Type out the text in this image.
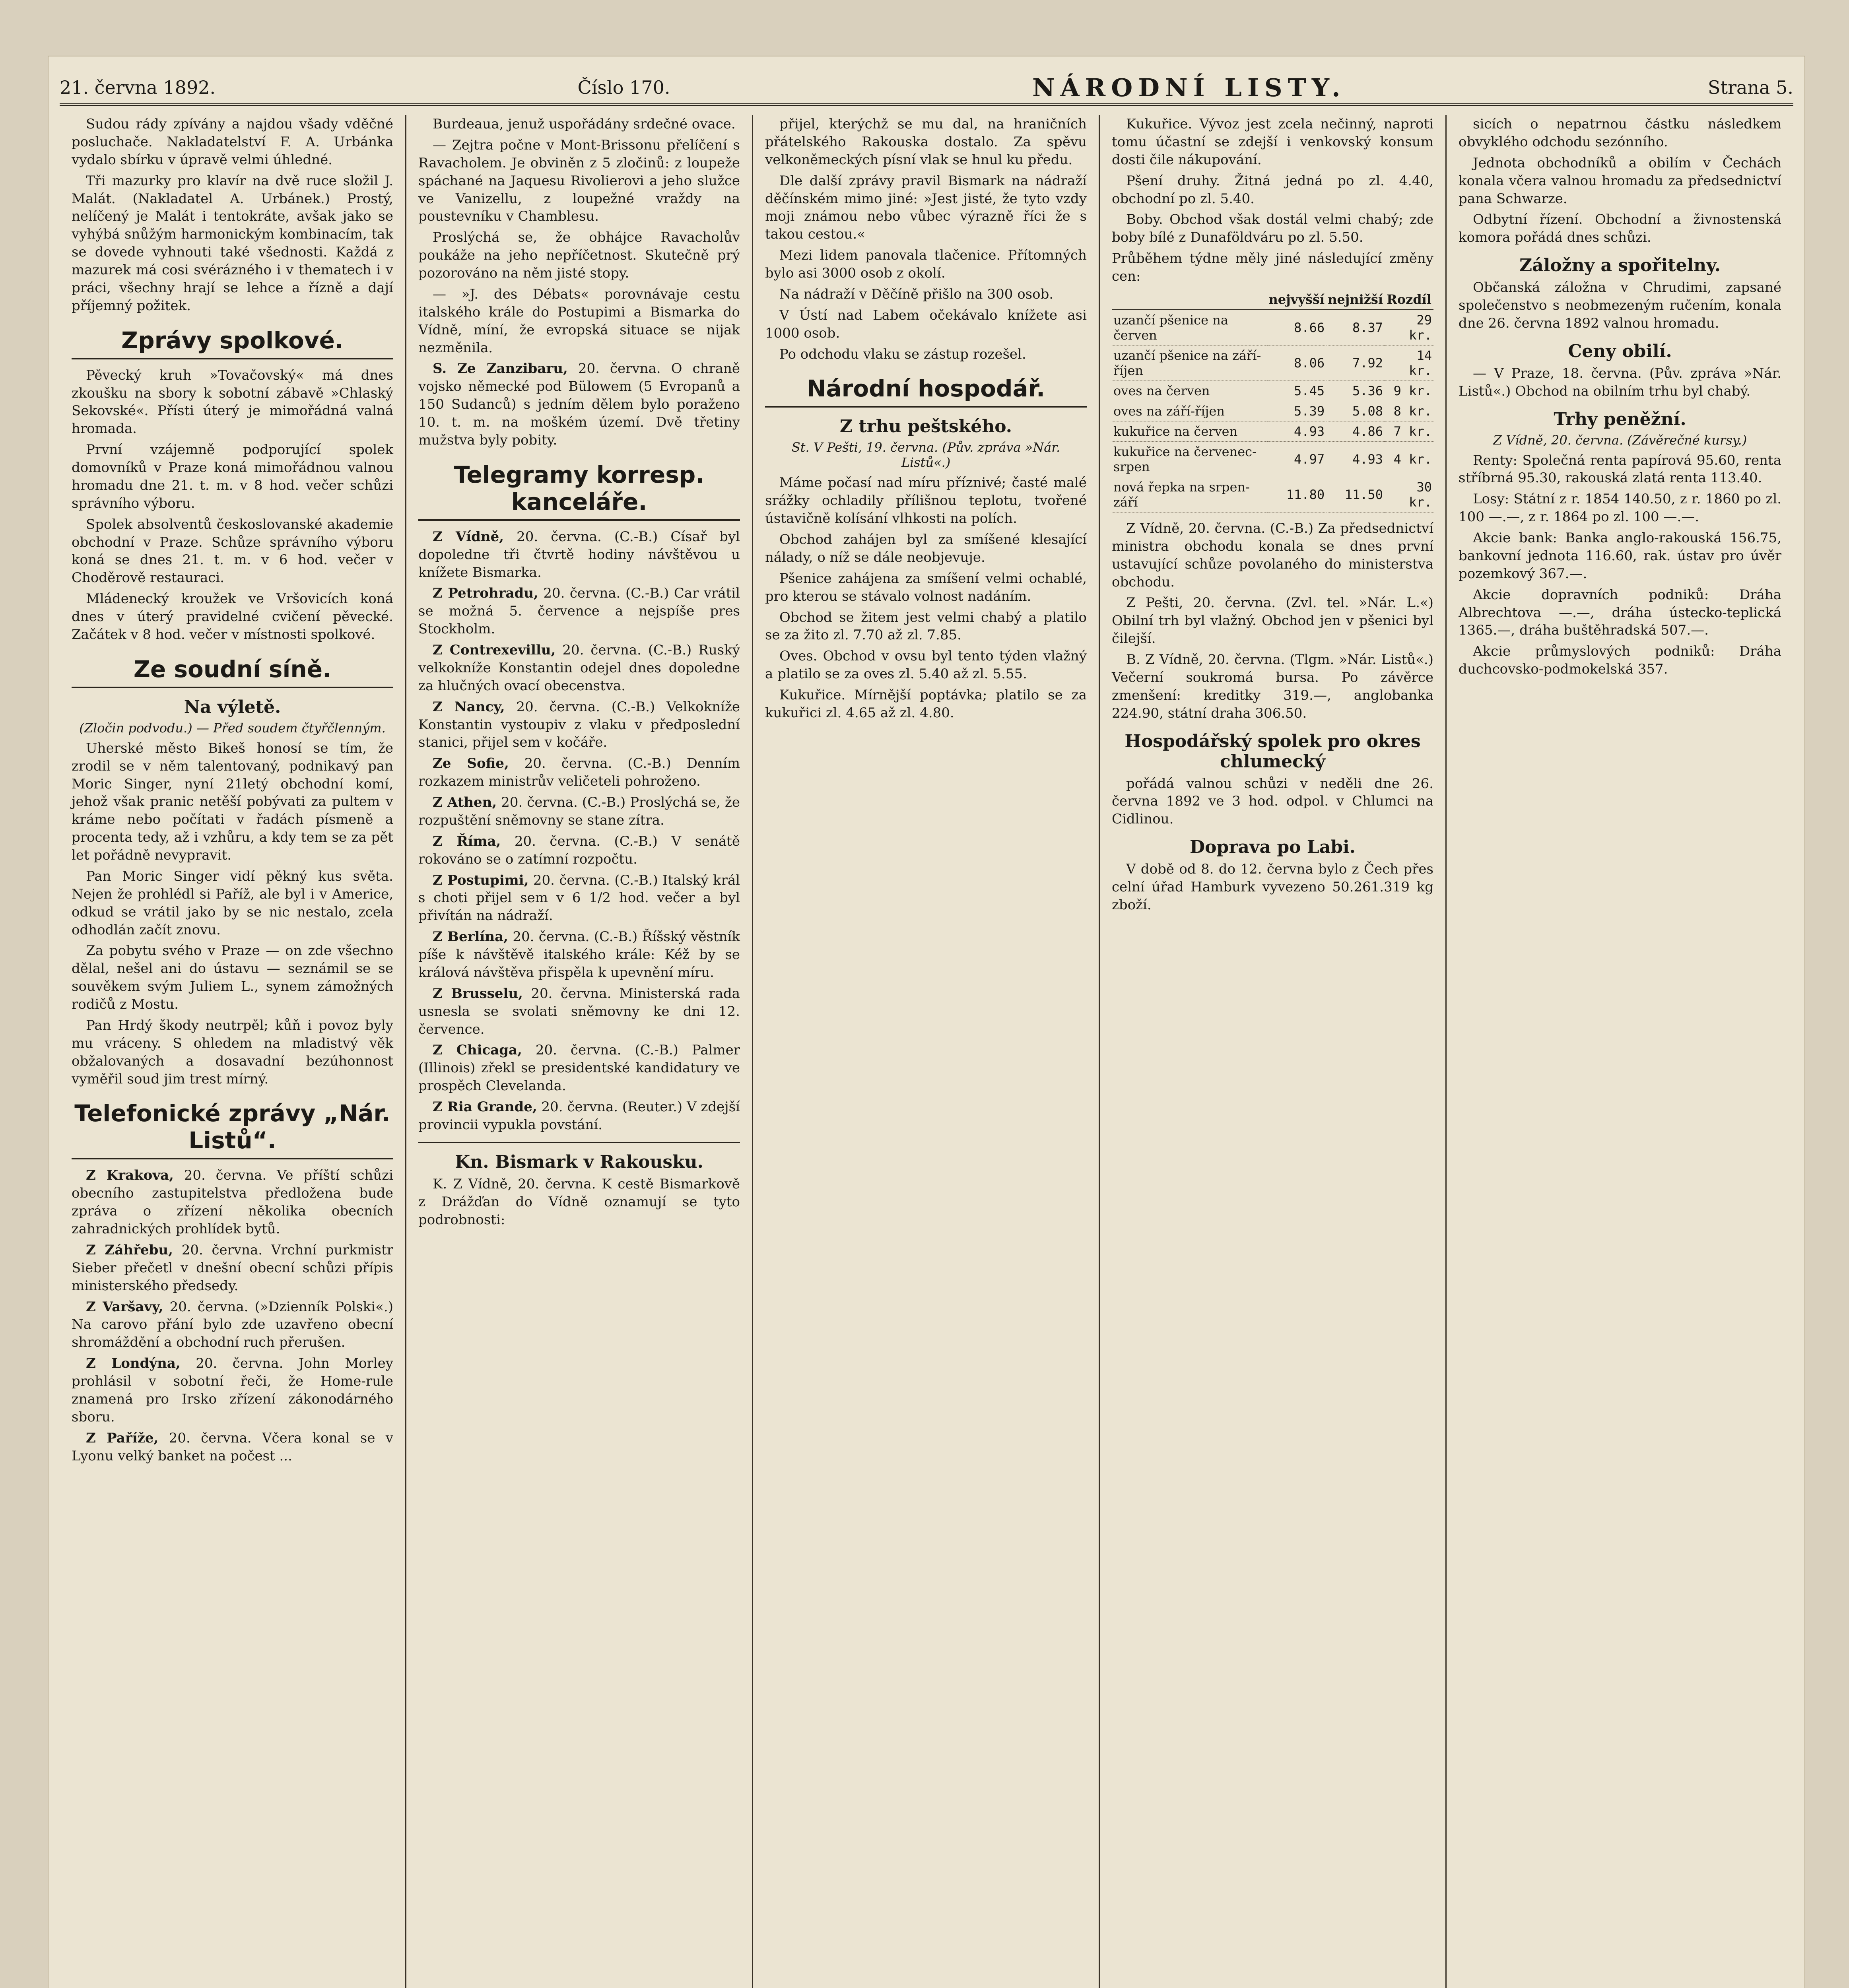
21. června 1892.	Číslo 170.	NÁRODNÍ LISTY.	Strana 5.

Sudou rády zpívány a najdou všady vděčné posluchače. Nakladatelství F. A. Urbánka vydalo sbírku v úpravě velmi úhledné.

Tři mazurky pro klavír na dvě ruce složil J. Malát. (Nakladatel A. Urbánek.) Prostý, nelíčený je Malát i tentokráte, avšak jako se vyhýbá snůžým harmonickým kombinacím, tak se dovede vyhnouti také všednosti. Každá z mazurek má cosi svérázného i v thematech i v práci, všechny hrají se lehce a řízně a dají příjemný požitek.

Zprávy spolkové.

Pěvecký kruh »Tovačovský« má dnes zkoušku na sbory k sobotní zábavě »Chlaský Sekovské«. Přísti úterý je mimořádná valná hromada.

První vzájemně podporující spolek domovníků v Praze koná mimořádnou valnou hromadu dne 21. t. m. v 8 hod. večer schůzi správního výboru.

Spolek absolventů českoslovanské akademie obchodní v Praze. Schůze správního výboru koná se dnes 21. t. m. v 6 hod. večer v Choděrově restauraci.

Mládenecký kroužek ve Vršovicích koná dnes v úterý pravidelné cvičení pěvecké. Začátek v 8 hod. večer v místnosti spolkové.

Ze soudní síně.
Na výletě.
(Zločin podvodu.) — Před soudem čtyřčlenným.

Uherské město Bikeš honosí se tím, že zrodil se v něm talentovaný, podnikavý pan Moric Singer, nyní 21letý obchodní komí, jehož však pranic netěší pobývati za pultem v kráme nebo počítati v řadách písmeně a procenta tedy, až i vzhůru, a kdy tem se za pět let pořádně nevypravit.

Pan Moric Singer vidí pěkný kus světa. Nejen že prohlédl si Paříž, ale byl i v Americe, odkud se vrátil jako by se nic nestalo, zcela odhodlán začít znovu.

Za pobytu svého v Praze — on zde všechno dělal, nešel ani do ústavu — seznámil se se souvěkem svým Juliem L., synem zámožných rodičů z Mostu.

Pan Hrdý škody neutrpěl; kůň i povoz byly mu vráceny. S ohledem na mladistvý věk obžalovaných a dosavadní bezúhonnost vyměřil soud jim trest mírný.

Telefonické zprávy „Nár. Listů“.

Z Krakova, 20. června. Ve příští schůzi obecního zastupitelstva předložena bude zpráva o zřízení několika obecních zahradnických prohlídek bytů.

Z Záhřebu, 20. června. Vrchní purkmistr Sieber přečetl v dnešní obecní schůzi přípis ministerského předsedy.

Z Varšavy, 20. června. (»Dzienník Polski«.) Na carovo přání bylo zde uzavřeno obecní shromáždění a obchodní ruch přerušen.

Z Londýna, 20. června. John Morley prohlásil v sobotní řeči, že Home-rule znamená pro Irsko zřízení zákonodárného sboru.

Z Paříže, 20. června. Včera konal se v Lyonu velký banket na počest ...

Burdeaua, jenuž uspořádány srdečné ovace.

— Zejtra počne v Mont-Brissonu přelíčení s Ravacholem. Je obviněn z 5 zločinů: z loupeže spáchané na Jaquesu Rivolierovi a jeho služce ve Vanizellu, z loupežné vraždy na poustevníku v Chamblesu.

Proslýchá se, že obhájce Ravacholův poukáže na jeho nepříčetnost. Skutečně prý pozorováno na něm jisté stopy.

— »J. des Débats« porovnávaje cestu italského krále do Postupimi a Bismarka do Vídně, míní, že evropská situace se nijak nezměnila.

S. Ze Zanzibaru, 20. června. O chraně vojsko německé pod Bülowem (5 Evropanů a 150 Sudanců) s jedním dělem bylo poraženo 10. t. m. na moškém území. Dvě třetiny mužstva byly pobity.

Telegramy korresp. kanceláře.

Z Vídně, 20. června. (C.-B.) Císař byl dopoledne tři čtvrtě hodiny návštěvou u knížete Bismarka.

Z Petrohradu, 20. června. (C.-B.) Car vrátil se možná 5. července a nejspíše pres Stockholm.

Z Contrexevillu, 20. června. (C.-B.) Ruský velkokníže Konstantin odejel dnes dopoledne za hlučných ovací obecenstva.

Z Nancy, 20. června. (C.-B.) Velkokníže Konstantin vystoupiv z vlaku v předposlední stanici, přijel sem v kočáře.

Ze Sofie, 20. června. (C.-B.) Denním rozkazem ministrův veličeteli pohroženo.

Z Athen, 20. června. (C.-B.) Proslýchá se, že rozpuštění sněmovny se stane zítra.

Z Říma, 20. června. (C.-B.) V senátě rokováno se o zatímní rozpočtu.

Z Postupimi, 20. června. (C.-B.) Italský král s choti přijel sem v 6 1/2 hod. večer a byl přivítán na nádraží.

Z Berlína, 20. června. (C.-B.) Říšský věstník píše k návštěvě italského krále: Kéž by se králová návštěva přispěla k upevnění míru.

Z Brusselu, 20. června. Ministerská rada usnesla se svolati sněmovny ke dni 12. července.

Z Chicaga, 20. června. (C.-B.) Palmer (Illinois) zřekl se presidentské kandidatury ve prospěch Clevelanda.

Z Ria Grande, 20. června. (Reuter.) V zdejší provincii vypukla povstání.

Kn. Bismark v Rakousku.

K. Z Vídně, 20. června. K cestě Bismarkově z Drážďan do Vídně oznamují se tyto podrobnosti:

přijel, kterýchž se mu dal, na hraničních přátelského Rakouska dostalo. Za spěvu velkoněmeckých písní vlak se hnul ku předu.

Dle další zprávy pravil Bismark na nádraží děčínském mimo jiné: »Jest jisté, že tyto vzdy moji známou nebo vůbec výrazně říci že s takou cestou.«

Mezi lidem panovala tlačenice. Přítomných bylo asi 3000 osob z okolí.

Na nádraží v Děčíně přišlo na 300 osob.

V Ústí nad Labem očekávalo knížete asi 1000 osob.

Po odchodu vlaku se zástup rozešel.

Národní hospodář.
Z trhu peštského.
St. V Pešti, 19. června. (Pův. zpráva »Nár. Listů«.)

Máme počasí nad míru příznivé; časté malé srážky ochladily přílišnou teplotu, tvořené ústavičně kolísání vlhkosti na polích.

Obchod zahájen byl za smíšené klesající nálady, o níž se dále neobjevuje.

Pšenice zahájena za smíšení velmi ochablé, pro kterou se stávalo volnost nadáním.

Obchod se žitem jest velmi chabý a platilo se za žito zl. 7.70 až zl. 7.85.

Oves. Obchod v ovsu byl tento týden vlažný a platilo se za oves zl. 5.40 až zl. 5.55.

Kukuřice. Mírnější poptávka; platilo se za kukuřici zl. 4.65 až zl. 4.80.

Kukuřice. Vývoz jest zcela nečinný, naproti tomu účastní se zdejší i venkovský konsum dosti čile nákupování.

Pšení druhy. Žitná jedná po zl. 4.40, obchodní po zl. 5.40.

Boby. Obchod však dostál velmi chabý; zde boby bílé z Dunaföldváru po zl. 5.50.

Průběhem týdne měly jiné následující změny cen:

	nejvyšší	nejnižší	Rozdíl
uzančí pšenice na červen	8.66	8.37	29 kr.
uzančí pšenice na září-říjen	8.06	7.92	14 kr.
oves na červen	5.45	5.36	9 kr.
oves na září-říjen	5.39	5.08	8 kr.
kukuřice na červen	4.93	4.86	7 kr.
kukuřice na červenec-srpen	4.97	4.93	4 kr.
nová řepka na srpen-září	11.80	11.50	30 kr.

Z Vídně, 20. června. (C.-B.) Za předsednictví ministra obchodu konala se dnes první ustavující schůze povolaného do ministerstva obchodu.

Z Pešti, 20. června. (Zvl. tel. »Nár. L.«) Obilní trh byl vlažný. Obchod jen v pšenici byl čilejší.

B. Z Vídně, 20. června. (Tlgm. »Nár. Listů«.) Večerní soukromá bursa. Po závěrce zmenšení: kreditky 319.—, anglobanka 224.90, státní draha 306.50.

Hospodářský spolek pro okres chlumecký

pořádá valnou schůzi v neděli dne 26. června 1892 ve 3 hod. odpol. v Chlumci na Cidlinou.

Doprava po Labi.

V době od 8. do 12. června bylo z Čech přes celní úřad Hamburk vyvezeno 50.261.319 kg zboží.

sicích o nepatrnou částku následkem obvyklého odchodu sezónního.

Jednota obchodníků a obilím v Čechách konala včera valnou hromadu za předsednictví pana Schwarze.

Odbytní řízení. Obchodní a živnostenská komora pořádá dnes schůzi.

Záložny a spořitelny.

Občanská záložna v Chrudimi, zapsané společenstvo s neobmezeným ručením, konala dne 26. června 1892 valnou hromadu.

Ceny obilí.

— V Praze, 18. června. (Pův. zpráva »Nár. Listů«.) Obchod na obilním trhu byl chabý.

Trhy peněžní.
Z Vídně, 20. června. (Závěrečné kursy.)

Renty: Společná renta papírová 95.60, renta stříbrná 95.30, rakouská zlatá renta 113.40.

Losy: Státní z r. 1854 140.50, z r. 1860 po zl. 100 —.—, z r. 1864 po zl. 100 —.—.

Akcie bank: Banka anglo-rakouská 156.75, bankovní jednota 116.60, rak. ústav pro úvěr pozemkový 367.—.

Akcie dopravních podniků: Dráha Albrechtova —.—, dráha ústecko-teplická 1365.—, dráha buštěhradská 507.—.

Akcie průmyslových podniků: Dráha duchcovsko-podmokelská 357.
